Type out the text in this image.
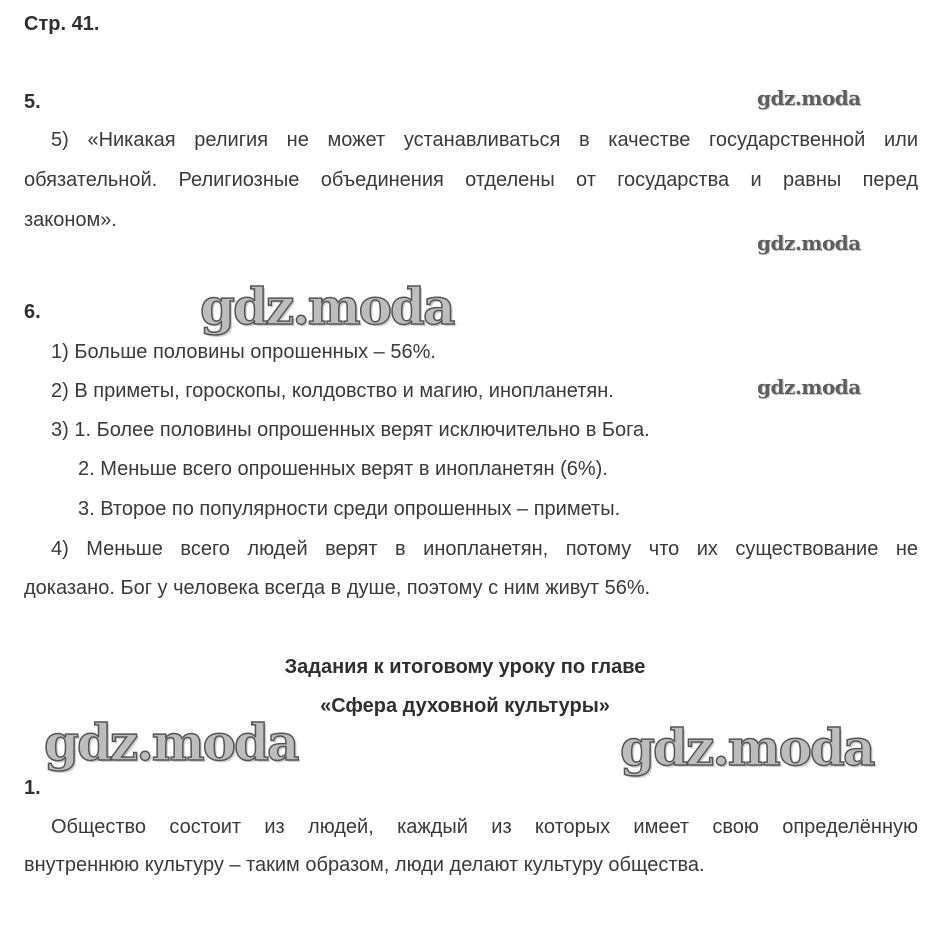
Стр. 41.
5.
5) «Никакая религия не может устанавливаться в качестве государственной или
обязательной. Религиозные объединения отделены от государства и равны перед
законом».
6.
1) Больше половины опрошенных – 56%.
2) В приметы, гороскопы, колдовство и магию, инопланетян.
3) 1. Более половины опрошенных верят исключительно в Бога.
2. Меньше всего опрошенных верят в инопланетян (6%).
3. Второе по популярности среди опрошенных – приметы.
4) Меньше всего людей верят в инопланетян, потому что их существование не
доказано. Бог у человека всегда в душе, поэтому с ним живут 56%.
Задания к итоговому уроку по главе
«Сфера духовной культуры»
1.
Общество состоит из людей, каждый из которых имеет свою определённую
внутреннюю культуру – таким образом, люди делают культуру общества.
gdz.moda
gdz.moda
gdz.moda
gdz.moda
gdz.moda	gdz.moda
